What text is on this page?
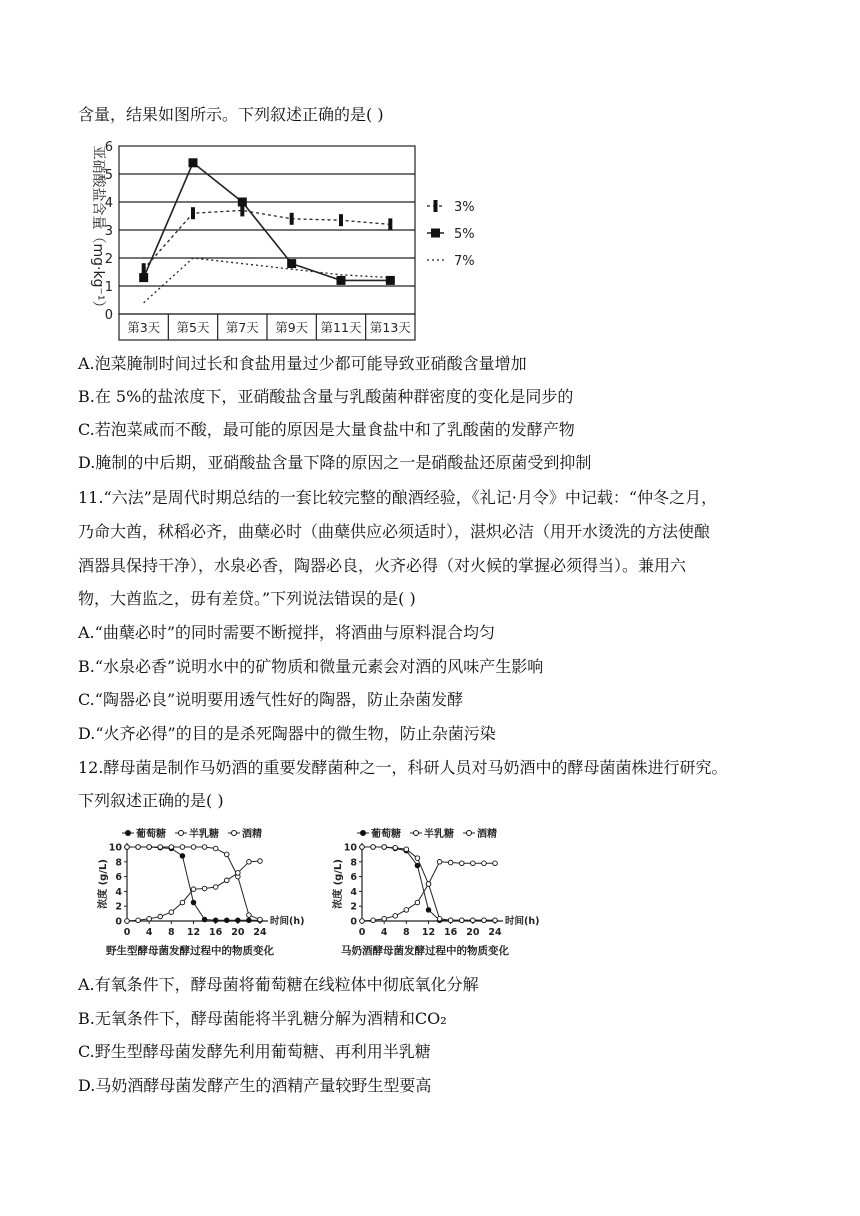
含量，结果如图所示。下列叙述正确的是( )
A.泡菜腌制时间过长和食盐用量过少都可能导致亚硝酸含量增加
B.在 5%的盐浓度下，亚硝酸盐含量与乳酸菌种群密度的变化是同步的
C.若泡菜咸而不酸，最可能的原因是大量食盐中和了乳酸菌的发酵产物
D.腌制的中后期，亚硝酸盐含量下降的原因之一是硝酸盐还原菌受到抑制
11.“六法”是周代时期总结的一套比较完整的酿酒经验，《礼记·月令》中记载：“仲冬之月，
乃命大酋，秫稻必齐，曲蘖必时（曲蘖供应必须适时），湛炽必洁（用开水烫洗的方法使酿
酒器具保持干净），水泉必香，陶器必良，火齐必得（对火候的掌握必须得当）。兼用六
物，大酋监之，毋有差贷。”下列说法错误的是( )
A.“曲蘖必时”的同时需要不断搅拌，将酒曲与原料混合均匀
B.“水泉必香”说明水中的矿物质和微量元素会对酒的风味产生影响
C.“陶器必良”说明要用透气性好的陶器，防止杂菌发酵
D.“火齐必得”的目的是杀死陶器中的微生物，防止杂菌污染
12.酵母菌是制作马奶酒的重要发酵菌种之一，科研人员对马奶酒中的酵母菌菌株进行研究。
下列叙述正确的是( )
A.有氧条件下，酵母菌将葡萄糖在线粒体中彻底氧化分解
B.无氧条件下，酵母菌能将半乳糖分解为酒精和CO₂
C.野生型酵母菌发酵先利用葡萄糖、再利用半乳糖
D.马奶酒酵母菌发酵产生的酒精产量较野生型要高
0
1
2
3
4
5
6
第3天 第5天 第7天 第9天 第11天 第13天
亚硝酸盐含量（mg·kg⁻¹）	3%
5%
7%
葡萄糖 半乳糖 酒精
0
2
4
6
8
10
0 4 8 12 16 20 24
时间(h)
浓度 (g/L)
野生型酵母菌发酵过程中的物质变化
葡萄糖 半乳糖 酒精
0
2
4
6
8
10
0 4 8 12 16 20 24
时间(h)
浓度 (g/L)
马奶酒酵母菌发酵过程中的物质变化
